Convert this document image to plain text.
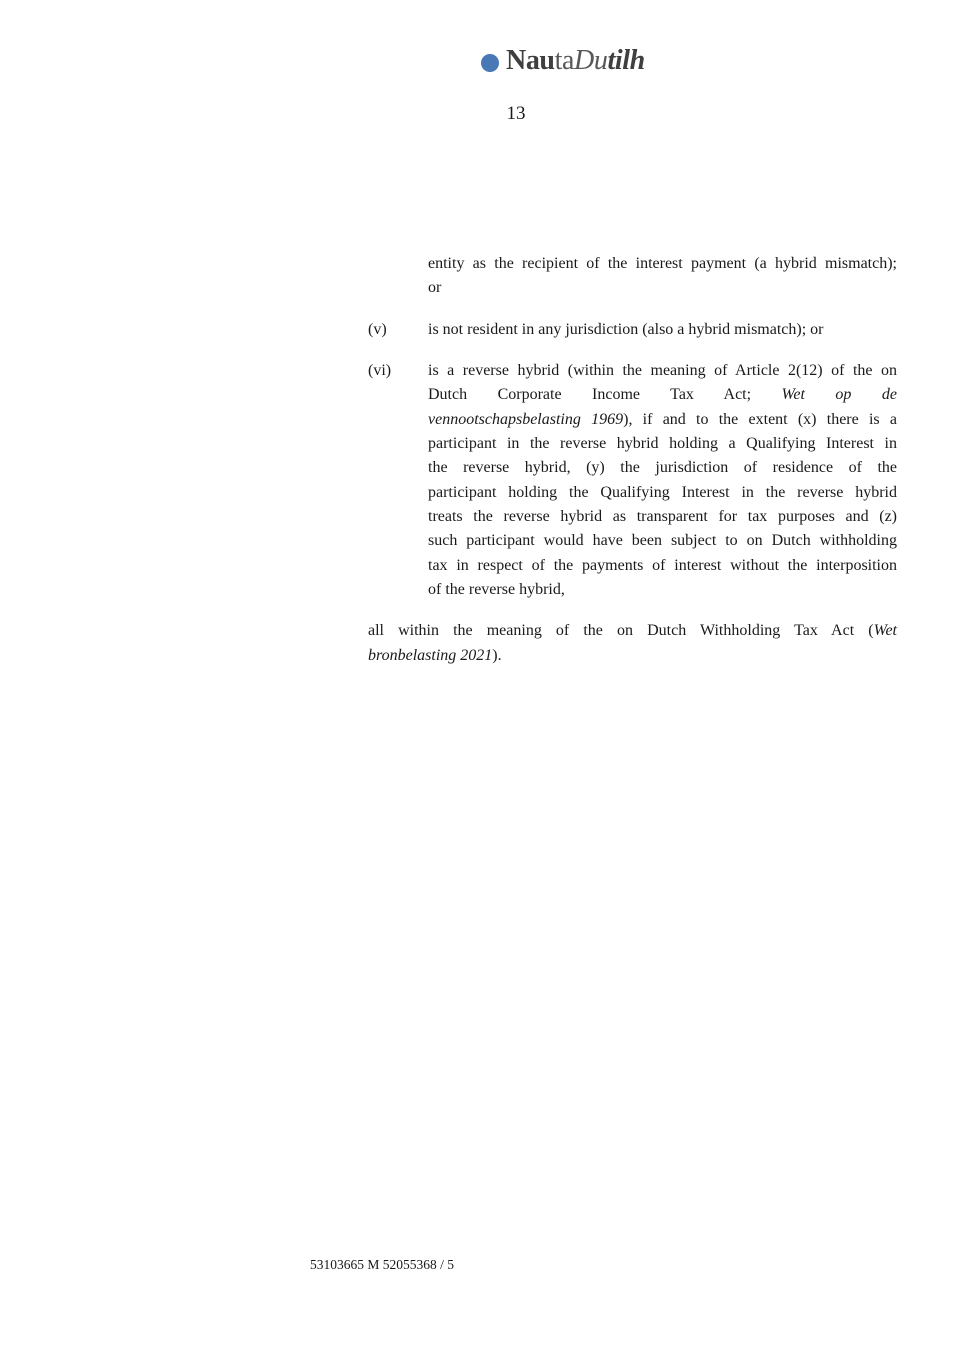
NautaDutilh
13
entity as the recipient of the interest payment (a hybrid mismatch);
or
(v)	is not resident in any jurisdiction (also a hybrid mismatch); or
(vi)	is a reverse hybrid (within the meaning of Article 2(12) of the on
Dutch Corporate Income Tax Act; Wet op de
vennootschapsbelasting 1969), if and to the extent (x) there is a
participant in the reverse hybrid holding a Qualifying Interest in
the reverse hybrid, (y) the jurisdiction of residence of the
participant holding the Qualifying Interest in the reverse hybrid
treats the reverse hybrid as transparent for tax purposes and (z)
such participant would have been subject to on Dutch withholding
tax in respect of the payments of interest without the interposition
of the reverse hybrid,
all within the meaning of the on Dutch Withholding Tax Act (Wet
bronbelasting 2021).
53103665 M 52055368 / 5
